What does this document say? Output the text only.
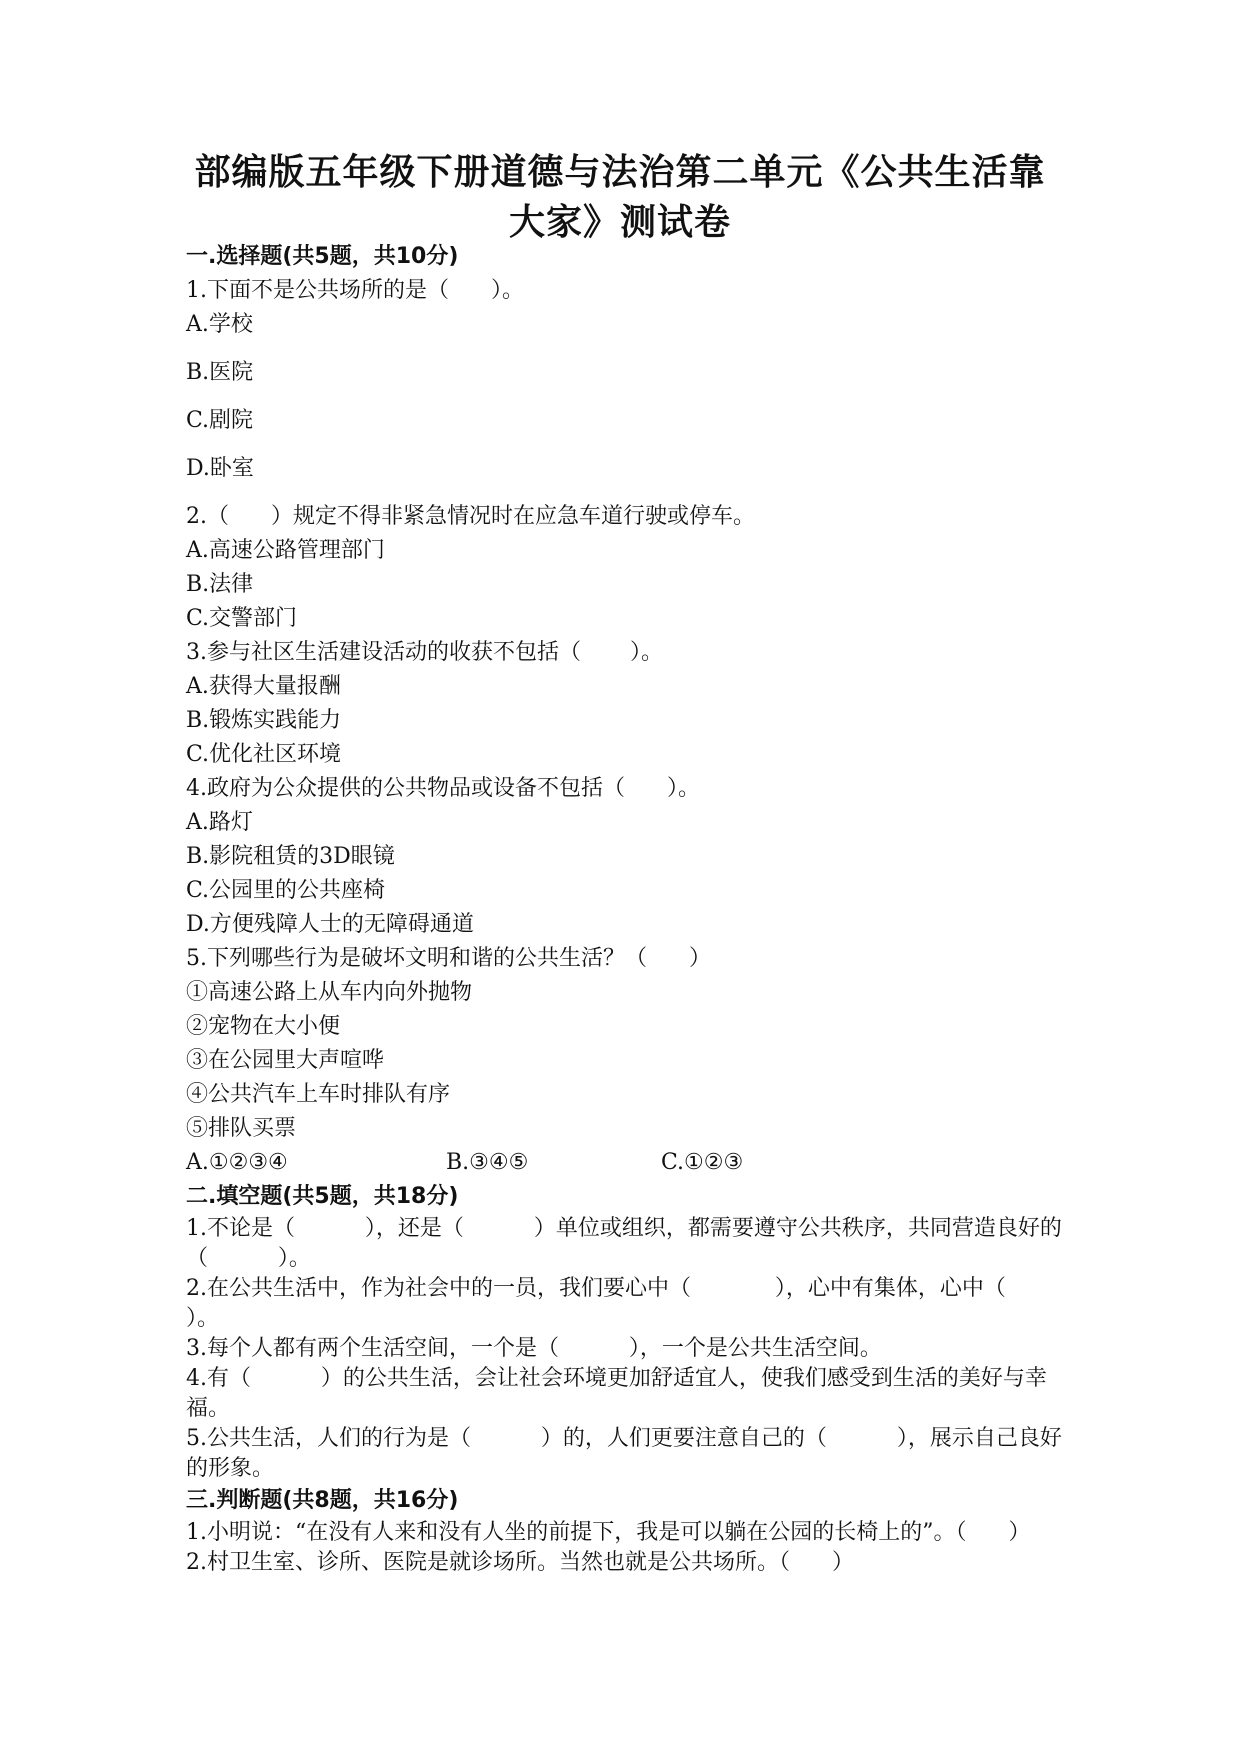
部编版五年级下册道德与法治第二单元《公共生活靠大家》测试卷
一.选择题(共5题，共10分)
1.下面不是公共场所的是（      ）。
A.学校
B.医院
C.剧院
D.卧室
2.（      ）规定不得非紧急情况时在应急车道行驶或停车。
A.高速公路管理部门
B.法律
C.交警部门
3.参与社区生活建设活动的收获不包括（       ）。
A.获得大量报酬
B.锻炼实践能力
C.优化社区环境
4.政府为公众提供的公共物品或设备不包括（      ）。
A.路灯
B.影院租赁的3D眼镜
C.公园里的公共座椅
D.方便残障人士的无障碍通道
5.下列哪些行为是破坏文明和谐的公共生活？（      ）
①高速公路上从车内向外抛物
②宠物在大小便
③在公园里大声喧哗
④公共汽车上车时排队有序
⑤排队买票
A.①②③④	B.③④⑤	C.①②③
二.填空题(共5题，共18分)
1.不论是（          ），还是（          ）单位或组织，都需要遵守公共秩序，共同营造良好的（          ）。
2.在公共生活中，作为社会中的一员，我们要心中（            ），心中有集体，心中（            ）。
3.每个人都有两个生活空间，一个是（          ），一个是公共生活空间。
4.有（          ）的公共生活，会让社会环境更加舒适宜人，使我们感受到生活的美好与幸福。
5.公共生活，人们的行为是（          ）的，人们更要注意自己的（          ），展示自己良好的形象。
三.判断题(共8题，共16分)
1.小明说：“在没有人来和没有人坐的前提下，我是可以躺在公园的长椅上的”。（      ）
2.村卫生室、诊所、医院是就诊场所。当然也就是公共场所。（      ）
